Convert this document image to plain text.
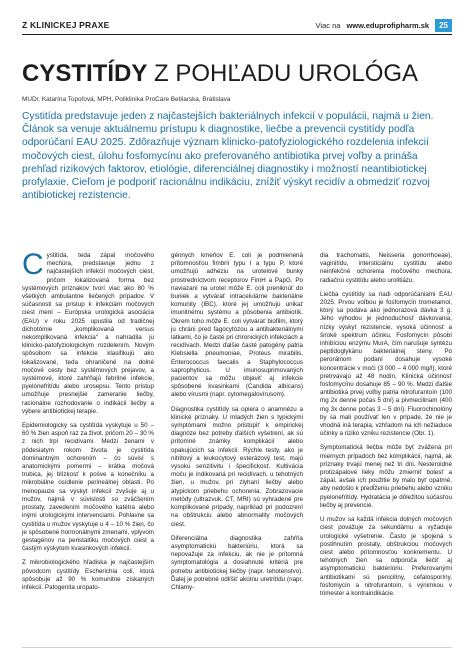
Z KLINICKEJ PRAXE	Viac na www.eduprofipharm.sk	25
CYSTITÍDY Z POHĽADU UROLÓGA
MUDr. Katarína Topoľová, MPH, Poliklinika ProCare Betliarska, Bratislava
Cystitída predstavuje jeden z najčastejších bakteriálnych infekcií v populácii, najmä u žien. Článok sa venuje aktuálnemu prístupu k diagnostike, liečbe a prevencii cystitídy podľa odporúčaní EAU 2025. Zdôrazňuje význam klinicko-patofyziologického rozdelenia infekcií močových ciest, úlohu fosfomycínu ako preferovaného antibiotika prvej voľby a prináša prehľad rizikových faktorov, etiológie, diferenciálnej diagnostiky i možností neantibiotickej profylaxie. Cieľom je podporiť racionálnu indikáciu, znížiť výskyt recidív a obmedziť rozvoj antibiotickej rezistencie.

Cystitída, teda zápal močového mechúra, predstavuje jednu z najčastejších infekcií močových ciest, pričom lokalizovaná forma bez systémových príznakov tvorí viac ako 80 % všetkých ambulantne liečených prípadov. V súčasnosti sa pristup k infekciám močových ciest mení – Európska urologická asociácia (EAU) v roku 2025 upustila od tradičnej dichotómie „komplikovaná versus nekomplikovaná infekcia“ a nahradila ju klinicko-patofyziologickým rozdelením. Novým spôsobom sa infekcie klasifikujú ako lokalizované, teda ohraničené na dolné močové cesty bez systémových prejavov, a systémové, ktoré zahŕňajú febrilné infekcie, pyelonefritídu alebo urosepsu. Tento prístup umožňuje presnejšie zameranie liečby, racionálne rozhodovanie o indikácii liečby a výbere antibiotickej terapie.

Epidemiologicky sa cystitída vyskytuje u 50 – 60 % žien aspoň raz za život, pričom 20 – 30 % z nich trpí recidívami. Medzi ženami v pôdesiatym rokom života je cystitída dominantným ochorením – čo súvisí s anatomickými pomermi – krátka močová trubica, jej blízkosť k pošve a konečníku a mikrobiálne osídlenie perineálnej oblasti. Po menopauze sa výskyt infekcií zvyšuje aj u mužov, najmä v súvislosti so zväčšením prostaty, zavedením močového katétra alebo inými urologickými intervenciami. Pohlavne sa cystitída u mužov vyskytuje u 4 – 10 % žien, čo je spôsobené hormonálnymi zmenami, vplyvom gestagénov na peristaltiku močových ciest a častým výskytom kvasinkových infekcií.

Z mikrobiologického hľadiska je najčastejším pôvodcom cystitídy Escherichia coli, ktorá spôsobuje až 90 % komunitne získaných infekcií. Patogenita uropato-

génnych kmeňov E. coli je podmienená prítomnosťou fimbrií typu I a typu P, ktoré umožňujú adhéziu na urotelové bunky prostredníctvom receptorov FimH a PapG. Po naviazaní na urotel môže E. coli preniknúť do buniek a vytvárať intracelulárne bakteriálne komunity (IBC), ktoré jej umožňujú unikať imunitnému systému a pôsobenia antibiotík. Okrem toho môže E. coli vytvárať biofilm, ktorý ju chráni pred fagocytózou a antibakteriálnymi látkami, čo je časté pri chronických infekciách a recidívach. Medzi ďalšie časté patogény patria Klebsiella pneumoniae, Proteus mirabilis, Enterococcus faecalis a Staphylococcus saprophyticus. U imunosuprimovaných pacientov sa môžu objaviť aj infekcie spôsobené kvasinkami (Candida albicans) alebo vírusmi (napr. cytomegalovírusom).

Diagnostika cystitídy sa opiera o anamnézu a klinické príznaky. U mladých žien s typickými symptómami možno pristúpiť k empirickej diagnóze bez potreby ďalších vyšetrení, ak sú prítomné známky komplikácií alebo opakujúcich sa infekcií. Rýchle testy, ako je nitritový a leukocytový esterázový test, majú vysokú senzitivitu i špecifickosť. Kultivácia moču je indikovaná pri recidívach, u tehotných žien, u mužov, pri zlyhaní liečby alebo atypickom priebehu ochorenia. Zobrazovacie metódy (ultrazvuk, CT, MRI) sú vyhradené pre komplikované prípady, napríklad pri podozrení na obštrukciu alebo abnormality močových ciest.

Diferenciálna diagnostika zahŕňa asymptomatickú bakteriúriu, ktorá sa nepovažuje za infekciu, ak nie je prítomná symptomatológia a dosiahnuté kritériá pre potrebu antibiotickej liečby (napr. tehotenstvo). Ďalej je potrebné odlíšiť akútnu uretritídu (napr. Chlamy-

dia trachomatis, Neisseria gonorrhoeae), vaginitídu, intersticiálnu cystitídu alebo neinfekčné ochorenia močového mechúra, radiačnú cystitídu alebo urolitiázu.

Liečba cystitídy sa riadi odporúčaniami EAU 2025. Prvou voľbou je fosfomycín trometamol, ktorý sa podáva ako jednorazová dávka 3 g. Jeho výhodou je jednoduchosť dávkovania, nízky výskyt rezistencie, vysoká účinnosť a široké spektrum účinku. Fosfomycín pôsobí inhibíciou enzýmu MurA, čím narušuje syntézu peptidoglykánu bakteriálnej steny. Po perorálnom podaní dosahuje vysoké koncentrácie v moči (3 000 – 4 000 mg/l), ktoré pretrvávajú až 48 hodín. Klinická účinnosť fosfomycínu dosahuje 85 – 90 %. Medzi ďalšie antibiotiká prvej voľby patria nitrofurantoín (100 mg 2x denne počas 5 dní) a pivmecilinam (400 mg 3x denne počas 3 – 5 dní). Fluorochinolóny by sa mali používať len v prípade, že nie je vhodná iná terapia, vzhľadom na ich nežiaduce účinky a riziko vzniku rezistencie (Obr. 1).

Symptomatická liečba môže byť zvážená pri miernych prípadoch bez komplikácií, najmä, ak príznaky trvajú menej než tri dni. Nesteroidné protizápalové lieky môžu zmierniť bolesť a zápal, avšak ich použitie by malo byť opatrné, aby nedošlo k predĺženiu priebehu alebo vzniku pyelonefritídy. Hydratácia je dôležitou súčasťou liečby aj prevencie.

U mužov sa každá infekcia dolných močových ciest považuje za sekundárnu a vyžaduje urologické vyšetrenie. Často je spojená s postihnutím prostaty, obštrukciou močových ciest alebo prítomnosťou konkrementu. U tehotných žien sa odporúča liečiť aj asymptomatickú bakteriúriu. Preferovanými antibiotikami sú penicilíny, cefalosporíny, fosfomycín a nitrofurantoín, s výnimkou v trimester a kontraindikácie.
